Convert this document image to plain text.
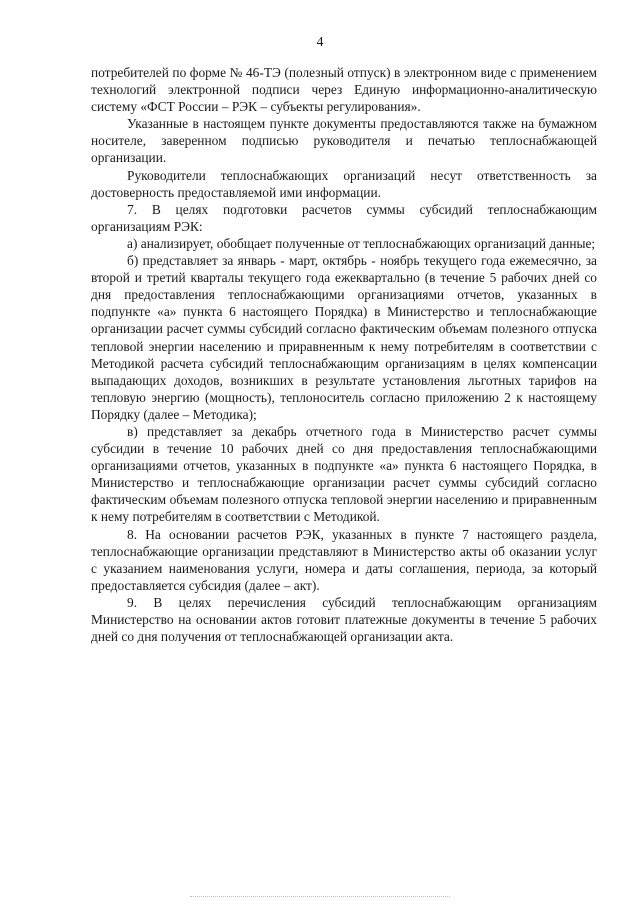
4

потребителей по форме № 46-ТЭ (полезный отпуск) в электронном виде с применением технологий электронной подписи через Единую информационно-аналитическую систему «ФСТ России – РЭК – субъекты регулирования».

Указанные в настоящем пункте документы предоставляются также на бумажном носителе, заверенном подписью руководителя и печатью теплоснабжающей организации.

Руководители теплоснабжающих организаций несут ответственность за достоверность предоставляемой ими информации.

7. В целях подготовки расчетов суммы субсидий теплоснабжающим организациям РЭК:

а) анализирует, обобщает полученные от теплоснабжающих организаций данные;

б) представляет за январь - март, октябрь - ноябрь текущего года ежемесячно, за второй и третий кварталы текущего года ежеквартально (в течение 5 рабочих дней со дня предоставления теплоснабжающими организациями отчетов, указанных в подпункте «а» пункта 6 настоящего Порядка) в Министерство и теплоснабжающие организации расчет суммы субсидий согласно фактическим объемам полезного отпуска тепловой энергии населению и приравненным к нему потребителям в соответствии с Методикой расчета субсидий теплоснабжающим организациям в целях компенсации выпадающих доходов, возникших в результате установления льготных тарифов на тепловую энергию (мощность), теплоноситель согласно приложению 2 к настоящему Порядку (далее – Методика);

в) представляет за декабрь отчетного года в Министерство расчет суммы субсидии в течение 10 рабочих дней со дня предоставления теплоснабжающими организациями отчетов, указанных в подпункте «а» пункта 6 настоящего Порядка, в Министерство и теплоснабжающие организации расчет суммы субсидий согласно фактическим объемам полезного отпуска тепловой энергии населению и приравненным к нему потребителям в соответствии с Методикой.

8. На основании расчетов РЭК, указанных в пункте 7 настоящего раздела, теплоснабжающие организации представляют в Министерство акты об оказании услуг с указанием наименования услуги, номера и даты соглашения, периода, за который предоставляется субсидия (далее – акт).

9. В целях перечисления субсидий теплоснабжающим организациям Министерство на основании актов готовит платежные документы в течение 5 рабочих дней со дня получения от теплоснабжающей организации акта.
